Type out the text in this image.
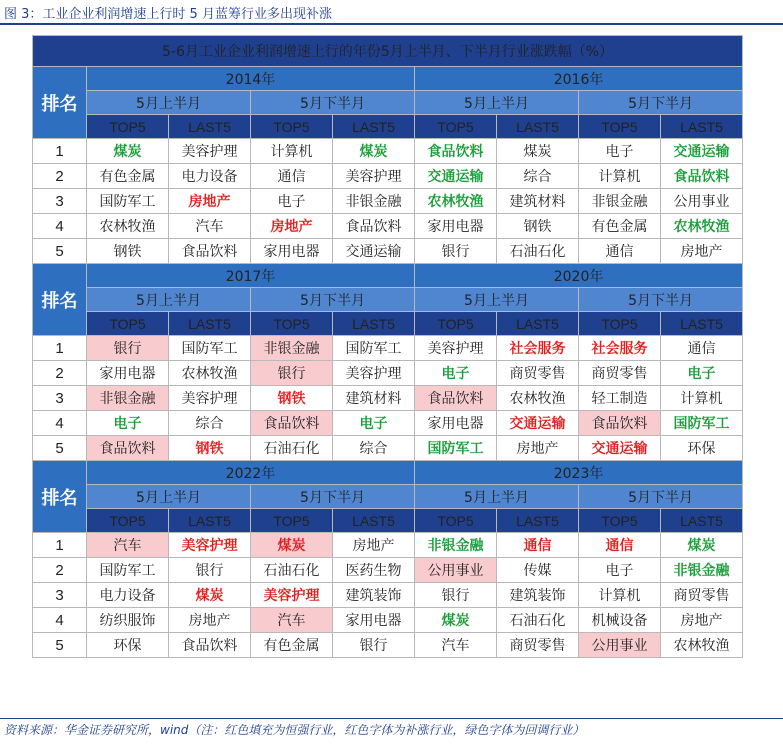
图 3：工业企业利润增速上行时 5 月蓝筹行业多出现补涨
5-6月工业企业利润增速上行的年份5月上半月、下半月行业涨跌幅（%）								
排名	2014年				2016年			
	5月上半月		5月下半月		5月上半月		5月下半月	
	TOP5	LAST5	TOP5	LAST5	TOP5	LAST5	TOP5	LAST5
1	煤炭	美容护理	计算机	煤炭	食品饮料	煤炭	电子	交通运输
2	有色金属	电力设备	通信	美容护理	交通运输	综合	计算机	食品饮料
3	国防军工	房地产	电子	非银金融	农林牧渔	建筑材料	非银金融	公用事业
4	农林牧渔	汽车	房地产	食品饮料	家用电器	钢铁	有色金属	农林牧渔
5	钢铁	食品饮料	家用电器	交通运输	银行	石油石化	通信	房地产
排名	2017年				2020年			
	5月上半月		5月下半月		5月上半月		5月下半月	
	TOP5	LAST5	TOP5	LAST5	TOP5	LAST5	TOP5	LAST5
1	银行	国防军工	非银金融	国防军工	美容护理	社会服务	社会服务	通信
2	家用电器	农林牧渔	银行	美容护理	电子	商贸零售	商贸零售	电子
3	非银金融	美容护理	钢铁	建筑材料	食品饮料	农林牧渔	轻工制造	计算机
4	电子	综合	食品饮料	电子	家用电器	交通运输	食品饮料	国防军工
5	食品饮料	钢铁	石油石化	综合	国防军工	房地产	交通运输	环保
排名	2022年				2023年			
	5月上半月		5月下半月		5月上半月		5月下半月	
	TOP5	LAST5	TOP5	LAST5	TOP5	LAST5	TOP5	LAST5
1	汽车	美容护理	煤炭	房地产	非银金融	通信	通信	煤炭
2	国防军工	银行	石油石化	医药生物	公用事业	传媒	电子	非银金融
3	电力设备	煤炭	美容护理	建筑装饰	银行	建筑装饰	计算机	商贸零售
4	纺织服饰	房地产	汽车	家用电器	煤炭	石油石化	机械设备	房地产
5	环保	食品饮料	有色金属	银行	汽车	商贸零售	公用事业	农林牧渔
资料来源：华金证券研究所，wind（注：红色填充为恒强行业，红色字体为补涨行业，绿色字体为回调行业）
